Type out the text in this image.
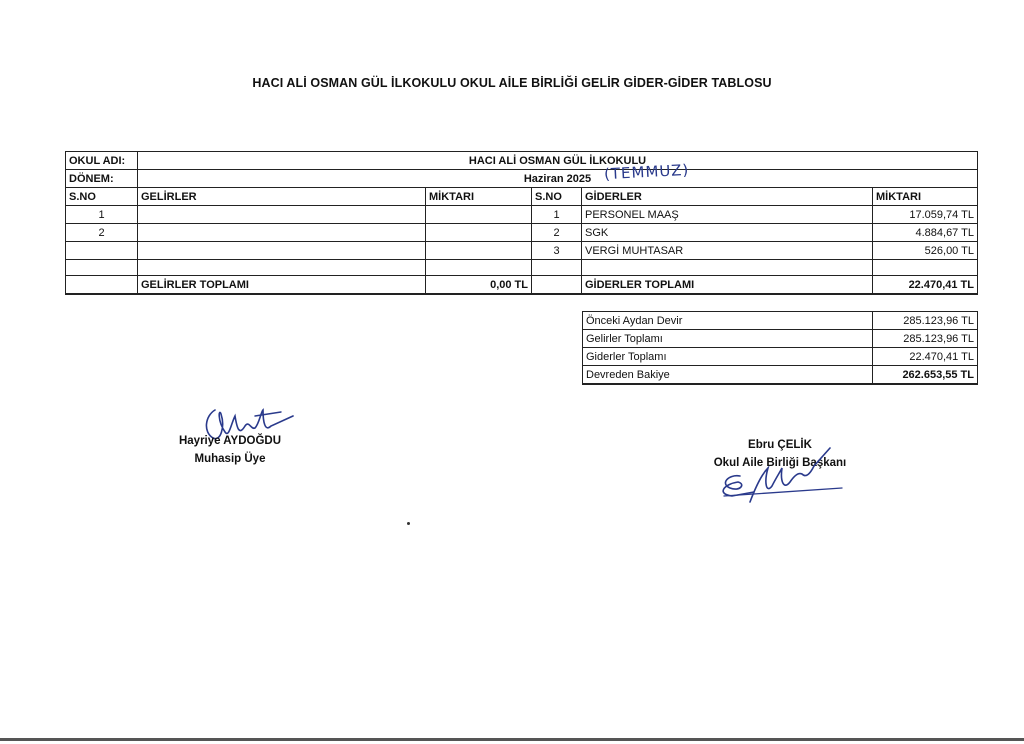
HACI ALİ OSMAN GÜL İLKOKULU OKUL AİLE BİRLİĞİ GELİR GİDER-GİDER TABLOSU
OKUL ADI:	HACI ALİ OSMAN GÜL İLKOKULU				
DÖNEM:	Haziran 2025				
S.NO	GELİRLER	MİKTARI	S.NO	GİDERLER	MİKTARI
1			1	PERSONEL MAAŞ	17.059,74 TL
2			2	SGK	4.884,67 TL
			3	VERGİ MUHTASAR	526,00 TL

	GELİRLER TOPLAMI	0,00 TL		GİDERLER TOPLAMI	22.470,41 TL
(TEMMUZ)
Önceki Aydan Devir	285.123,96 TL
Gelirler Toplamı	285.123,96 TL
Giderler Toplamı	22.470,41 TL
Devreden Bakiye	262.653,55 TL
Hayriye AYDOĞDU
Muhasip Üye
Ebru ÇELİK
Okul Aile Birliği Başkanı
